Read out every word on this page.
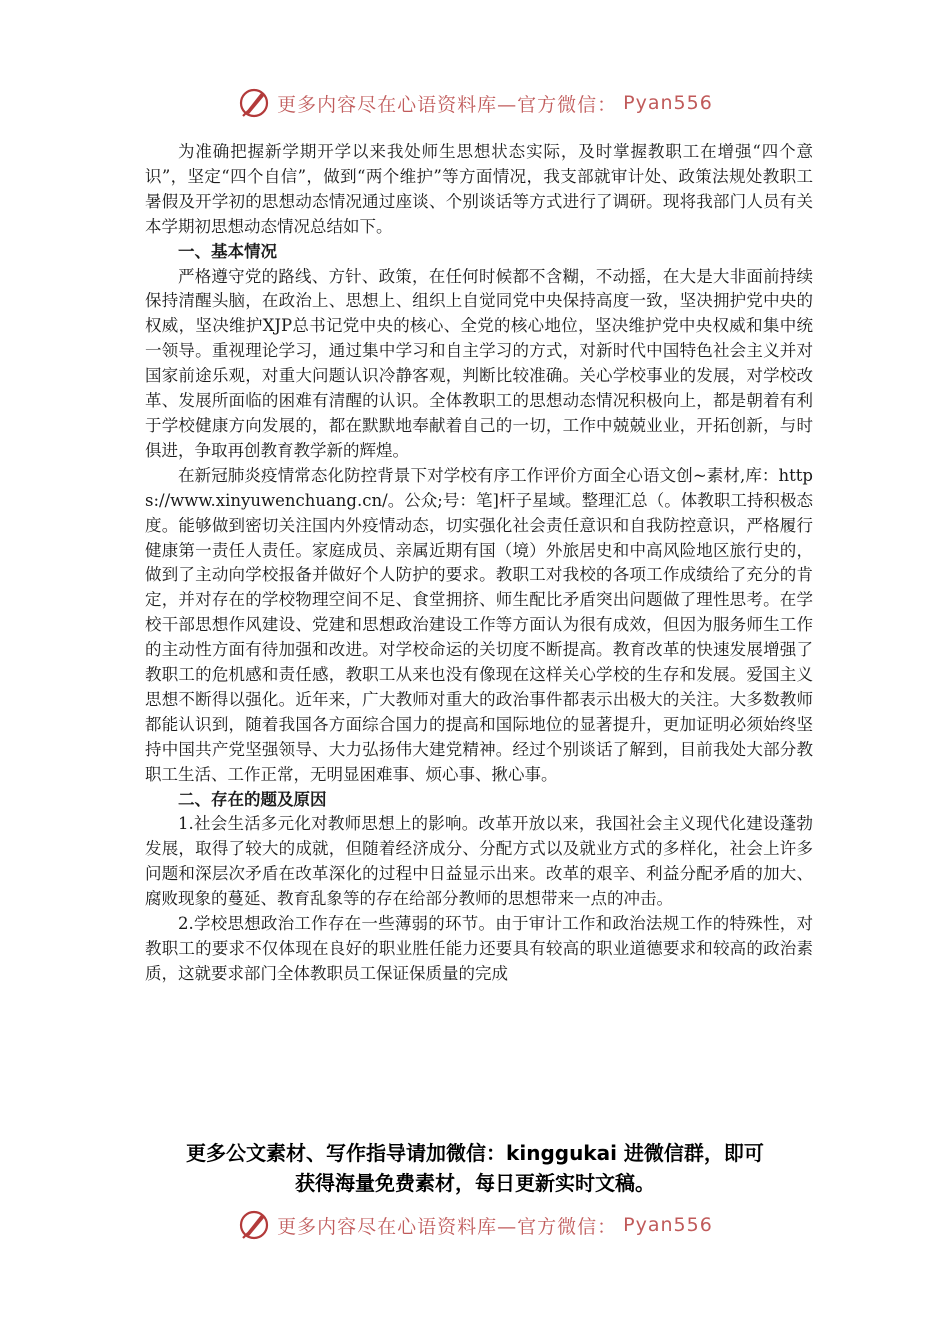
更多内容尽在心语资料库—官方微信： Pyan556

为准确把握新学期开学以来我处师生思想状态实际，及时掌握教职工在增强“四个意识”，坚定“四个自信”，做到“两个维护”等方面情况，我支部就审计处、政策法规处教职工暑假及开学初的思想动态情况通过座谈、个别谈话等方式进行了调研。现将我部门人员有关本学期初思想动态情况总结如下。

一、基本情况

严格遵守党的路线、方针、政策，在任何时候都不含糊，不动摇，在大是大非面前持续保持清醒头脑，在政治上、思想上、组织上自觉同党中央保持高度一致，坚决拥护党中央的权威，坚决维护XJP总书记党中央的核心、全党的核心地位，坚决维护党中央权威和集中统一领导。重视理论学习，通过集中学习和自主学习的方式，对新时代中国特色社会主义并对国家前途乐观，对重大问题认识冷静客观，判断比较准确。关心学校事业的发展，对学校改革、发展所面临的困难有清醒的认识。全体教职工的思想动态情况积极向上，都是朝着有利于学校健康方向发展的，都在默默地奉献着自己的一切，工作中兢兢业业，开拓创新，与时俱进，争取再创教育教学新的辉煌。

在新冠肺炎疫情常态化防控背景下对学校有序工作评价方面全心语文创~素材,库：https://www.xinyuwenchuang.cn/。公众;号：笔]杆子星域。整理汇总（。体教职工持积极态度。能够做到密切关注国内外疫情动态，切实强化社会责任意识和自我防控意识，严格履行健康第一责任人责任。家庭成员、亲属近期有国（境）外旅居史和中高风险地区旅行史的，做到了主动向学校报备并做好个人防护的要求。教职工对我校的各项工作成绩给了充分的肯定，并对存在的学校物理空间不足、食堂拥挤、师生配比矛盾突出问题做了理性思考。在学校干部思想作风建设、党建和思想政治建设工作等方面认为很有成效，但因为服务师生工作的主动性方面有待加强和改进。对学校命运的关切度不断提高。教育改革的快速发展增强了教职工的危机感和责任感，教职工从来也没有像现在这样关心学校的生存和发展。爱国主义思想不断得以强化。近年来，广大教师对重大的政治事件都表示出极大的关注。大多数教师都能认识到，随着我国各方面综合国力的提高和国际地位的显著提升，更加证明必须始终坚持中国共产党坚强领导、大力弘扬伟大建党精神。经过个别谈话了解到，目前我处大部分教职工生活、工作正常，无明显困难事、烦心事、揪心事。

二、存在的题及原因

1.社会生活多元化对教师思想上的影响。改革开放以来，我国社会主义现代化建设蓬勃发展，取得了较大的成就，但随着经济成分、分配方式以及就业方式的多样化，社会上许多问题和深层次矛盾在改革深化的过程中日益显示出来。改革的艰辛、利益分配矛盾的加大、腐败现象的蔓延、教育乱象等的存在给部分教师的思想带来一点的冲击。

2.学校思想政治工作存在一些薄弱的环节。由于审计工作和政治法规工作的特殊性，对教职工的要求不仅体现在良好的职业胜任能力还要具有较高的职业道德要求和较高的政治素质，这就要求部门全体教职员工保证保质量的完成

更多公文素材、写作指导请加微信：kinggukai 进微信群，即可
获得海量免费素材，每日更新实时文稿。
更多内容尽在心语资料库—官方微信： Pyan556
